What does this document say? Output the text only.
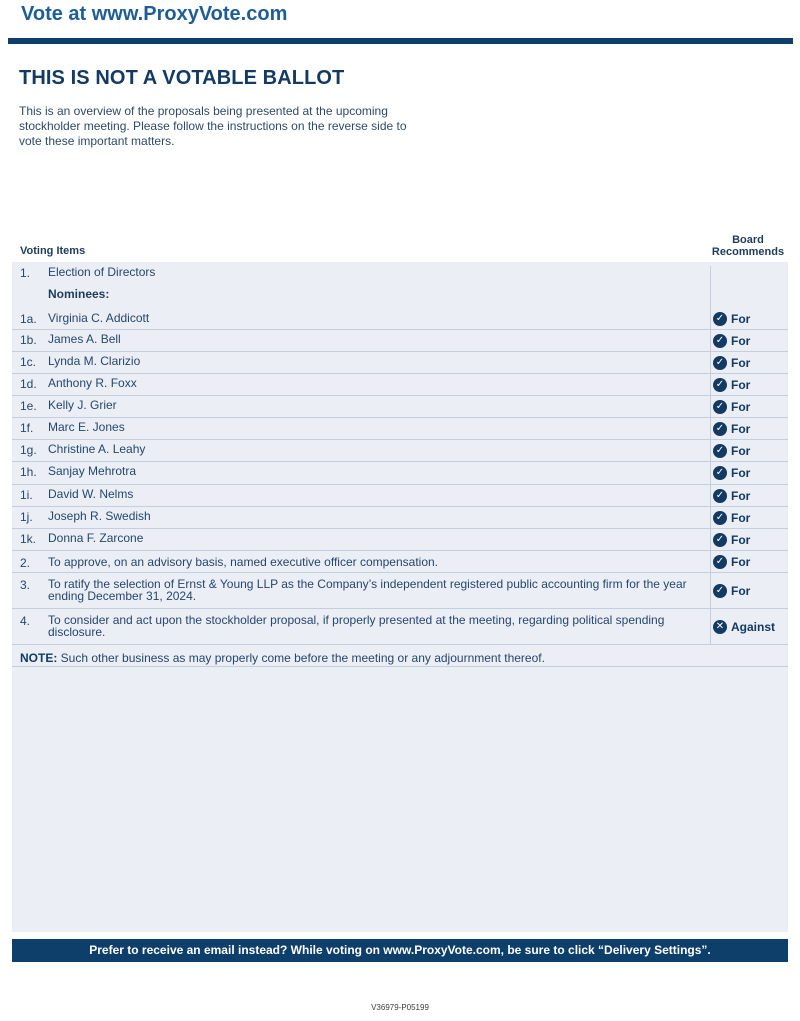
Vote at www.ProxyVote.com
THIS IS NOT A VOTABLE BALLOT
This is an overview of the proposals being presented at the upcoming stockholder meeting. Please follow the instructions on the reverse side to vote these important matters.
Voting Items
Board Recommends
1. Election of Directors
Nominees:
1a. Virginia C. Addicott	✓ For
1b. James A. Bell	✓ For
1c. Lynda M. Clarizio	✓ For
1d. Anthony R. Foxx	✓ For
1e. Kelly J. Grier	✓ For
1f. Marc E. Jones	✓ For
1g. Christine A. Leahy	✓ For
1h. Sanjay Mehrotra	✓ For
1i. David W. Nelms	✓ For
1j. Joseph R. Swedish	✓ For
1k. Donna F. Zarcone	✓ For
2. To approve, on an advisory basis, named executive officer compensation.	✓ For
3. To ratify the selection of Ernst & Young LLP as the Company’s independent registered public accounting firm for the year ending December 31, 2024.	✓ For
4. To consider and act upon the stockholder proposal, if properly presented at the meeting, regarding political spending disclosure.	✕ Against
NOTE: Such other business as may properly come before the meeting or any adjournment thereof.
Prefer to receive an email instead? While voting on www.ProxyVote.com, be sure to click “Delivery Settings”.
V36979-P05199
